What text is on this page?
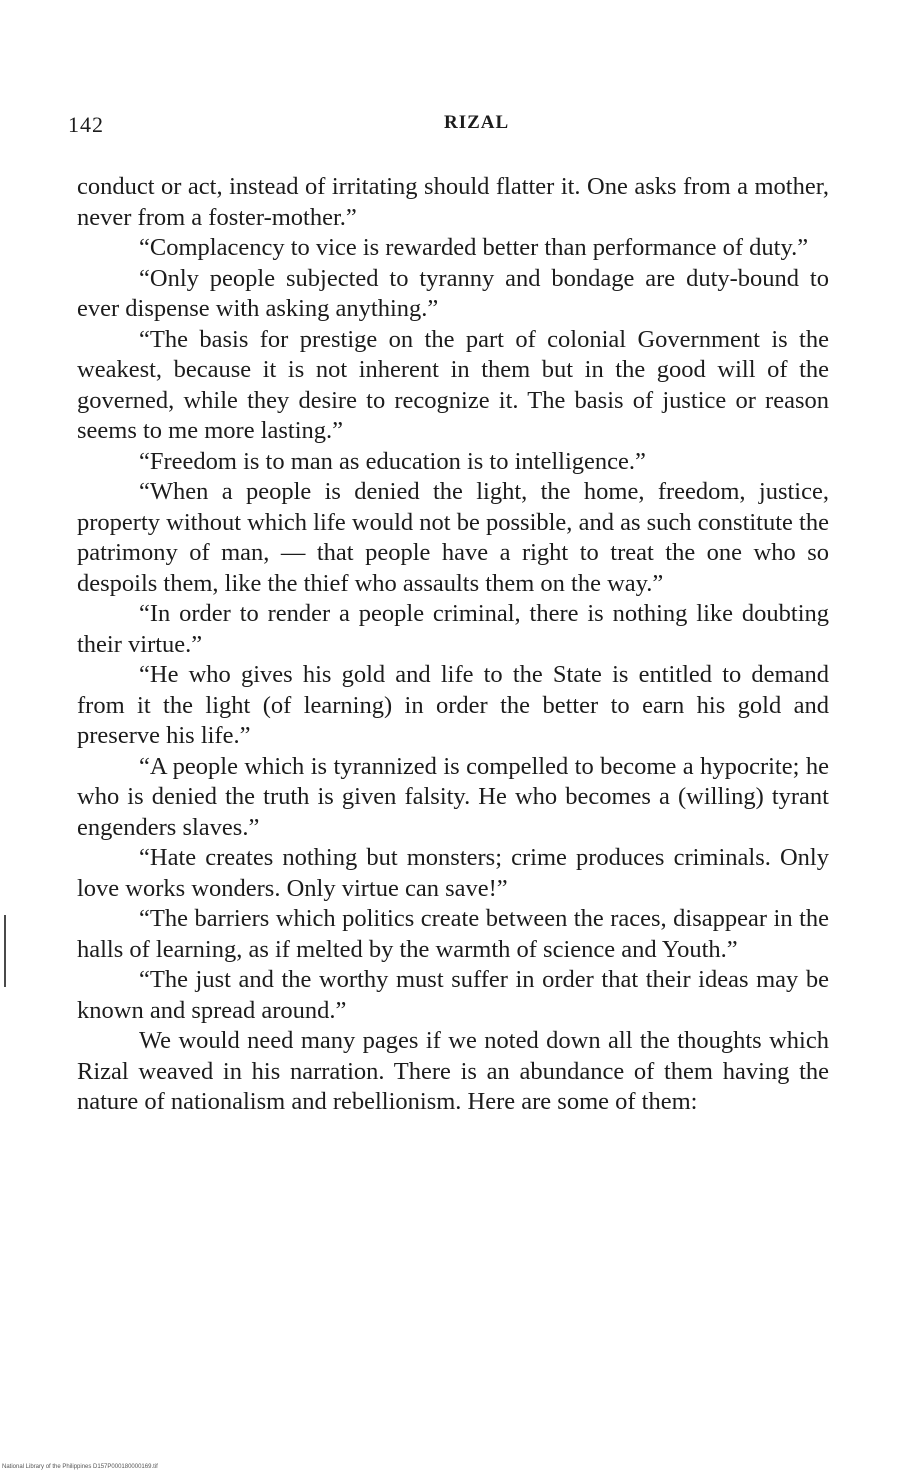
142	RIZAL

conduct or act, instead of irritating should flatter it. One asks from a mother, never from a foster-mother.”

“Complacency to vice is rewarded better than performance of duty.”

“Only people subjected to tyranny and bondage are duty-bound to ever dispense with asking anything.”

“The basis for prestige on the part of colonial Government is the weakest, because it is not inherent in them but in the good will of the governed, while they desire to recognize it. The basis of justice or reason seems to me more lasting.”

“Freedom is to man as education is to intelligence.”

“When a people is denied the light, the home, freedom, justice, property without which life would not be possible, and as such constitute the patrimony of man, — that people have a right to treat the one who so despoils them, like the thief who assaults them on the way.”

“In order to render a people criminal, there is nothing like doubting their virtue.”

“He who gives his gold and life to the State is entitled to demand from it the light (of learning) in order the better to earn his gold and preserve his life.”

“A people which is tyrannized is compelled to become a hypocrite; he who is denied the truth is given falsity. He who becomes a (willing) tyrant engenders slaves.”

“Hate creates nothing but monsters; crime produces criminals. Only love works wonders. Only virtue can save!”

“The barriers which politics create between the races, disappear in the halls of learning, as if melted by the warmth of science and Youth.”

“The just and the worthy must suffer in order that their ideas may be known and spread around.”

We would need many pages if we noted down all the thoughts which Rizal weaved in his narration. There is an abundance of them having the nature of nationalism and rebellionism. Here are some of them:

National Library of the Philippines D157P000180000169.tif
